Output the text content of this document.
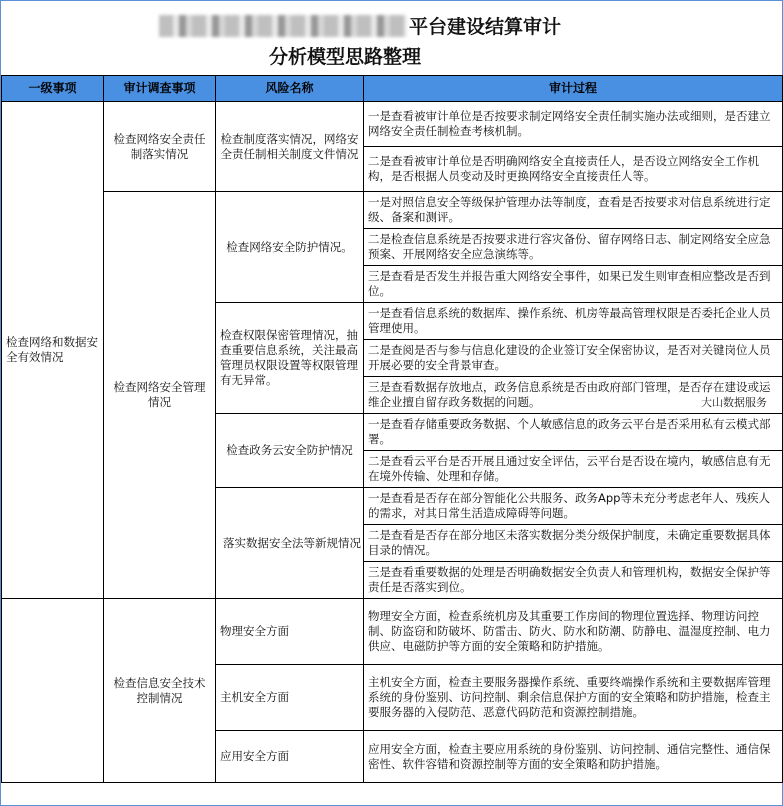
平台建设结算审计
分析模型思路整理
一级事项	审计调查事项	风险名称	审计过程
检查网络和数据安全有效情况	检查网络安全责任制落实情况	检查制度落实情况，网络安全责任制相关制度文件情况	一是查看被审计单位是否按要求制定网络安全责任制实施办法或细则，是否建立网络安全责任制检查考核机制。
			二是查看被审计单位是否明确网络安全直接责任人，是否设立网络安全工作机构，是否根据人员变动及时更换网络安全直接责任人等。
	检查网络安全管理情况	检查网络安全防护情况。	一是对照信息安全等级保护管理办法等制度，查看是否按要求对信息系统进行定级、备案和测评。
			二是检查信息系统是否按要求进行容灾备份、留存网络日志、制定网络安全应急预案、开展网络安全应急演练等。
			三是查看是否发生并报告重大网络安全事件，如果已发生则审查相应整改是否到位。
		检查权限保密管理情况，抽查重要信息系统，关注最高管理员权限设置等权限管理有无异常。	一是查看信息系统的数据库、操作系统、机房等最高管理权限是否委托企业人员管理使用。
			二是查阅是否与参与信息化建设的企业签订安全保密协议，是否对关键岗位人员开展必要的安全背景审查。
			三是查看数据存放地点，政务信息系统是否由政府部门管理，是否存在建设或运维企业擅自留存政务数据的问题。
		检查政务云安全防护情况	一是查看存储重要政务数据、个人敏感信息的政务云平台是否采用私有云模式部署。
			二是查看云平台是否开展且通过安全评估，云平台是否设在境内，敏感信息有无在境外传输、处理和存储。
		落实数据安全法等新规情况	一是查看是否存在部分智能化公共服务、政务App等未充分考虑老年人、残疾人的需求，对其日常生活造成障碍等问题。
			二是查看是否存在部分地区未落实数据分类分级保护制度，未确定重要数据具体目录的情况。
			三是查看重要数据的处理是否明确数据安全负责人和管理机构，数据安全保护等责任是否落实到位。
	检查信息安全技术控制情况	物理安全方面	物理安全方面，检查系统机房及其重要工作房间的物理位置选择、物理访问控制、防盗窃和防破坏、防雷击、防火、防水和防潮、防静电、温湿度控制、电力供应、电磁防护等方面的安全策略和防护措施。
		主机安全方面	主机安全方面，检查主要服务器操作系统、重要终端操作系统和主要数据库管理系统的身份鉴别、访问控制、剩余信息保护方面的安全策略和防护措施，检查主要服务器的入侵防范、恶意代码防范和资源控制措施。
		应用安全方面	应用安全方面，检查主要应用系统的身份鉴别、访问控制、通信完整性、通信保密性、软件容错和资源控制等方面的安全策略和防护措施。
大山数据服务
